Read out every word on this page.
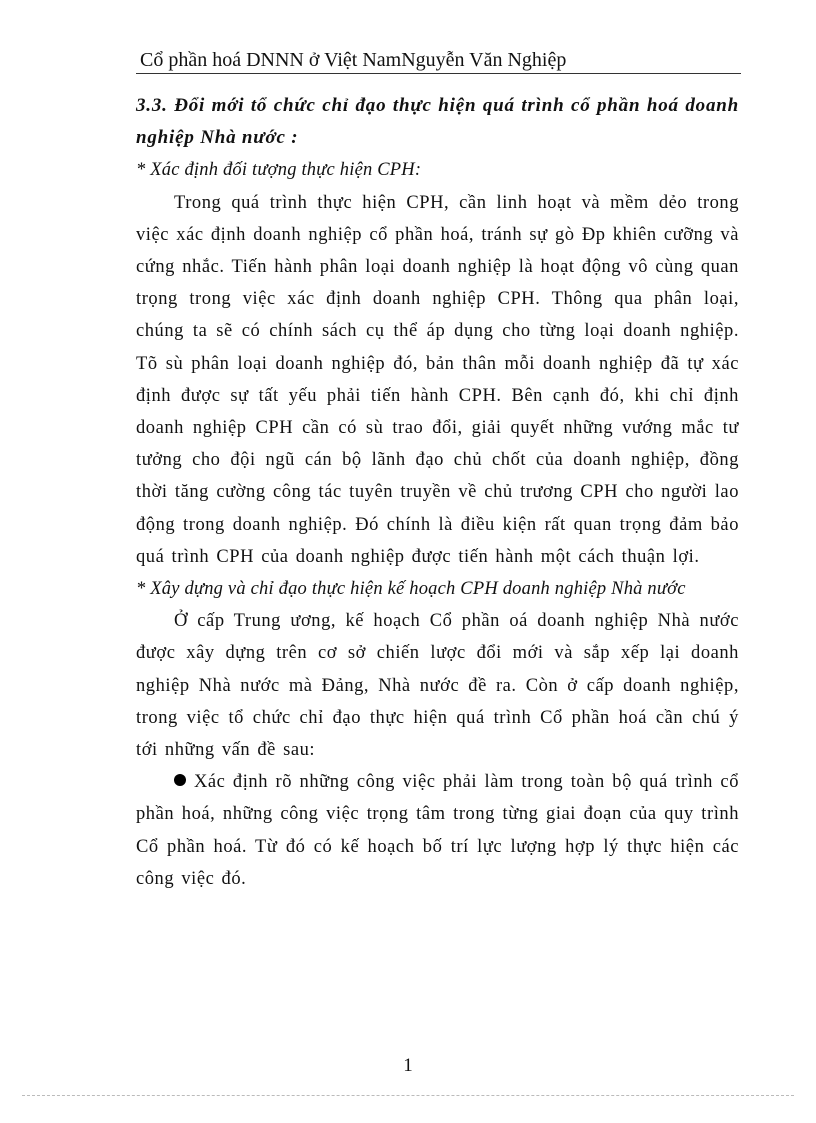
Cổ phần hoá DNNN ở Việt NamNguyễn Văn Nghiệp

3.3. Đổi mới tổ chức chỉ đạo thực hiện quá trình cổ phần hoá doanh nghiệp Nhà nước :

* Xác định đối tượng thực hiện CPH:

Trong quá trình thực hiện CPH, cần linh hoạt và mềm dẻo trong việc xác định doanh nghiệp cổ phần hoá, tránh sự gò Ðp khiên cưỡng và cứng nhắc. Tiến hành phân loại doanh nghiệp là hoạt động vô cùng quan trọng trong việc xác định doanh nghiệp CPH. Thông qua phân loại, chúng ta sẽ có chính sách cụ thể áp dụng cho từng loại doanh nghiệp. Tõ sù phân loại doanh nghiệp đó, bản thân mỗi doanh nghiệp đã tự xác định được sự tất yếu phải tiến hành CPH. Bên cạnh đó, khi chỉ định doanh nghiệp CPH cần có sù trao đổi, giải quyết những vướng mắc tư tưởng cho đội ngũ cán bộ lãnh đạo chủ chốt của doanh nghiệp, đồng thời tăng cường công tác tuyên truyền về chủ trương CPH cho người lao động trong doanh nghiệp. Đó chính là điều kiện rất quan trọng đảm bảo quá trình CPH của doanh nghiệp được tiến hành một cách thuận lợi.

* Xây dựng và chỉ đạo thực hiện kế hoạch CPH doanh nghiệp Nhà nước

Ở cấp Trung ương, kế hoạch Cổ phần oá doanh nghiệp Nhà nước được xây dựng trên cơ sở chiến lược đổi mới và sắp xếp lại doanh nghiệp Nhà nước mà Đảng, Nhà nước đề ra. Còn ở cấp doanh nghiệp, trong việc tổ chức chỉ đạo thực hiện quá trình Cổ phần hoá cần chú ý tới những vấn đề sau:

Xác định rõ những công việc phải làm trong toàn bộ quá trình cổ phần hoá, những công việc trọng tâm trong từng giai đoạn của quy trình Cổ phần hoá. Từ đó có kế hoạch bố trí lực lượng hợp lý thực hiện các công việc đó.

1
